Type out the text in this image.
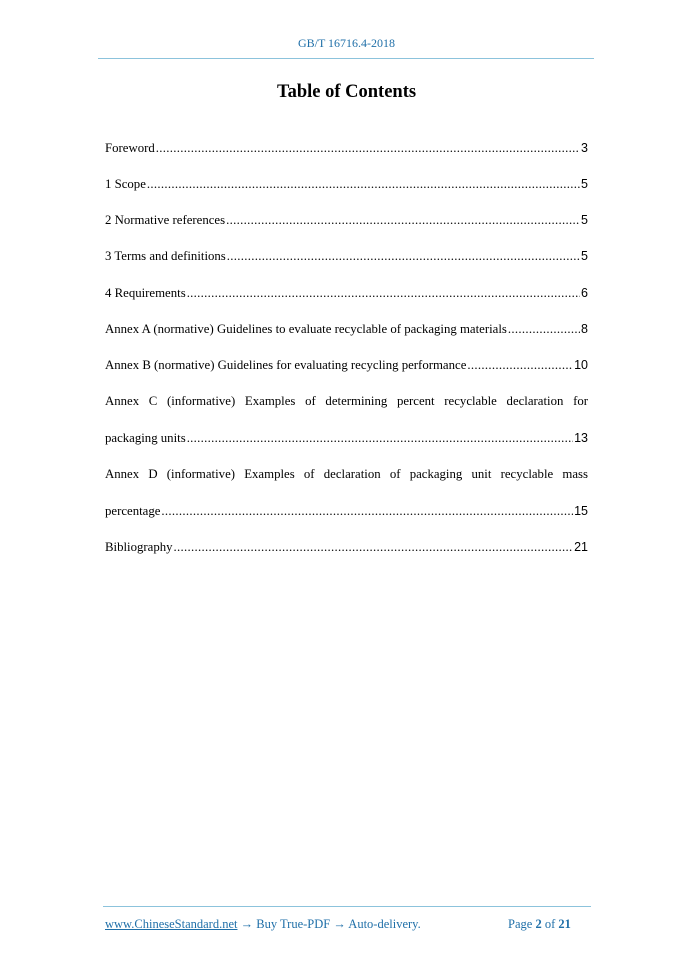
GB/T 16716.4-2018
Table of Contents
Foreword .....	3
1 Scope .....	5
2 Normative references .....	5
3 Terms and definitions .....	5
4 Requirements .....	6
Annex A (normative) Guidelines to evaluate recyclable of packaging materials .....	8
Annex B (normative) Guidelines for evaluating recycling performance .....	10
Annex C (informative) Examples of determining percent recyclable declaration for
packaging units .....	13
Annex D (informative) Examples of declaration of packaging unit recyclable mass
percentage .....	15
Bibliography .....	21
www.ChineseStandard.net → Buy True-PDF → Auto-delivery.	Page 2 of 21
